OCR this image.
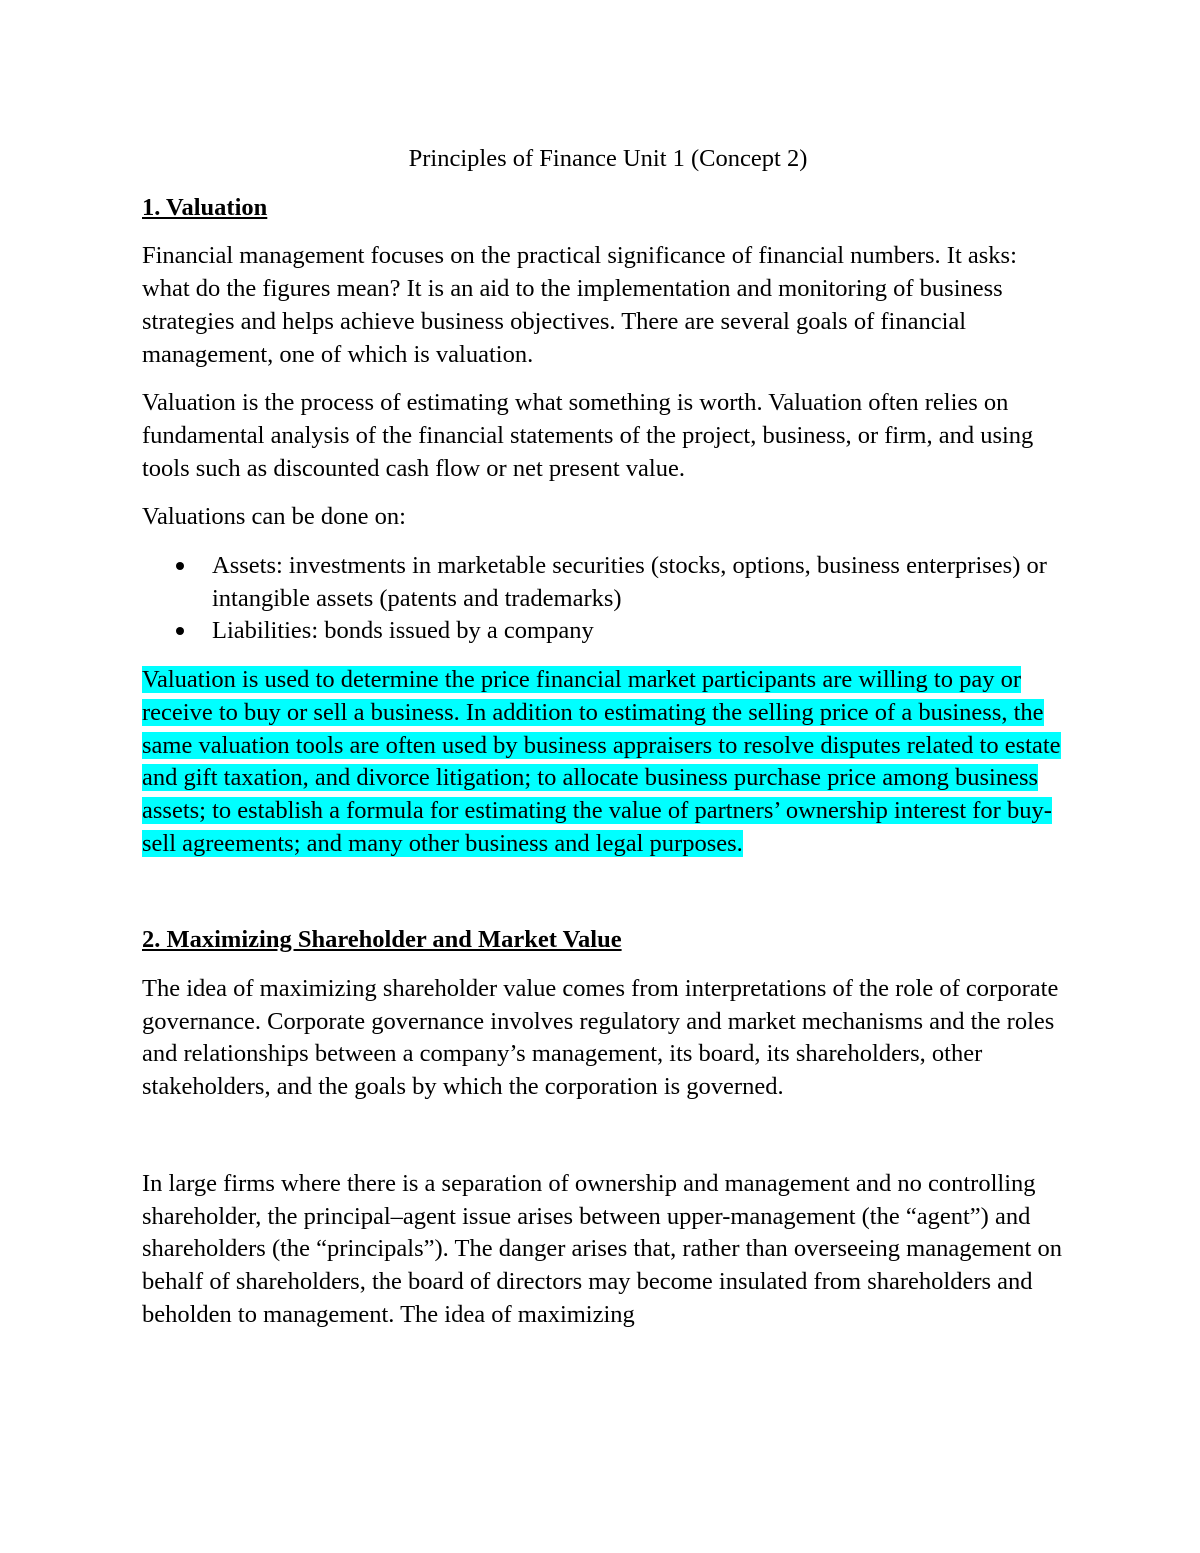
Principles of Finance Unit 1 (Concept 2)
1. Valuation

Financial management focuses on the practical significance of financial numbers. It asks: what do the figures mean? It is an aid to the implementation and monitoring of business strategies and helps achieve business objectives. There are several goals of financial management, one of which is valuation.

Valuation is the process of estimating what something is worth. Valuation often relies on fundamental analysis of the financial statements of the project, business, or firm, and using tools such as discounted cash flow or net present value.

Valuations can be done on:

Assets: investments in marketable securities (stocks, options, business enterprises) or intangible assets (patents and trademarks)
Liabilities: bonds issued by a company

Valuation is used to determine the price financial market participants are willing to pay or receive to buy or sell a business. In addition to estimating the selling price of a business, the same valuation tools are often used by business appraisers to resolve disputes related to estate and gift taxation, and divorce litigation; to allocate business purchase price among business assets; to establish a formula for estimating the value of partners’ ownership interest for buy-sell agreements; and many other business and legal purposes.

2. Maximizing Shareholder and Market Value

The idea of maximizing shareholder value comes from interpretations of the role of corporate governance. Corporate governance involves regulatory and market mechanisms and the roles and relationships between a company’s management, its board, its shareholders, other stakeholders, and the goals by which the corporation is governed.

In large firms where there is a separation of ownership and management and no controlling shareholder, the principal–agent issue arises between upper-management (the “agent”) and shareholders (the “principals”). The danger arises that, rather than overseeing management on behalf of shareholders, the board of directors may become insulated from shareholders and beholden to management. The idea of maximizing
